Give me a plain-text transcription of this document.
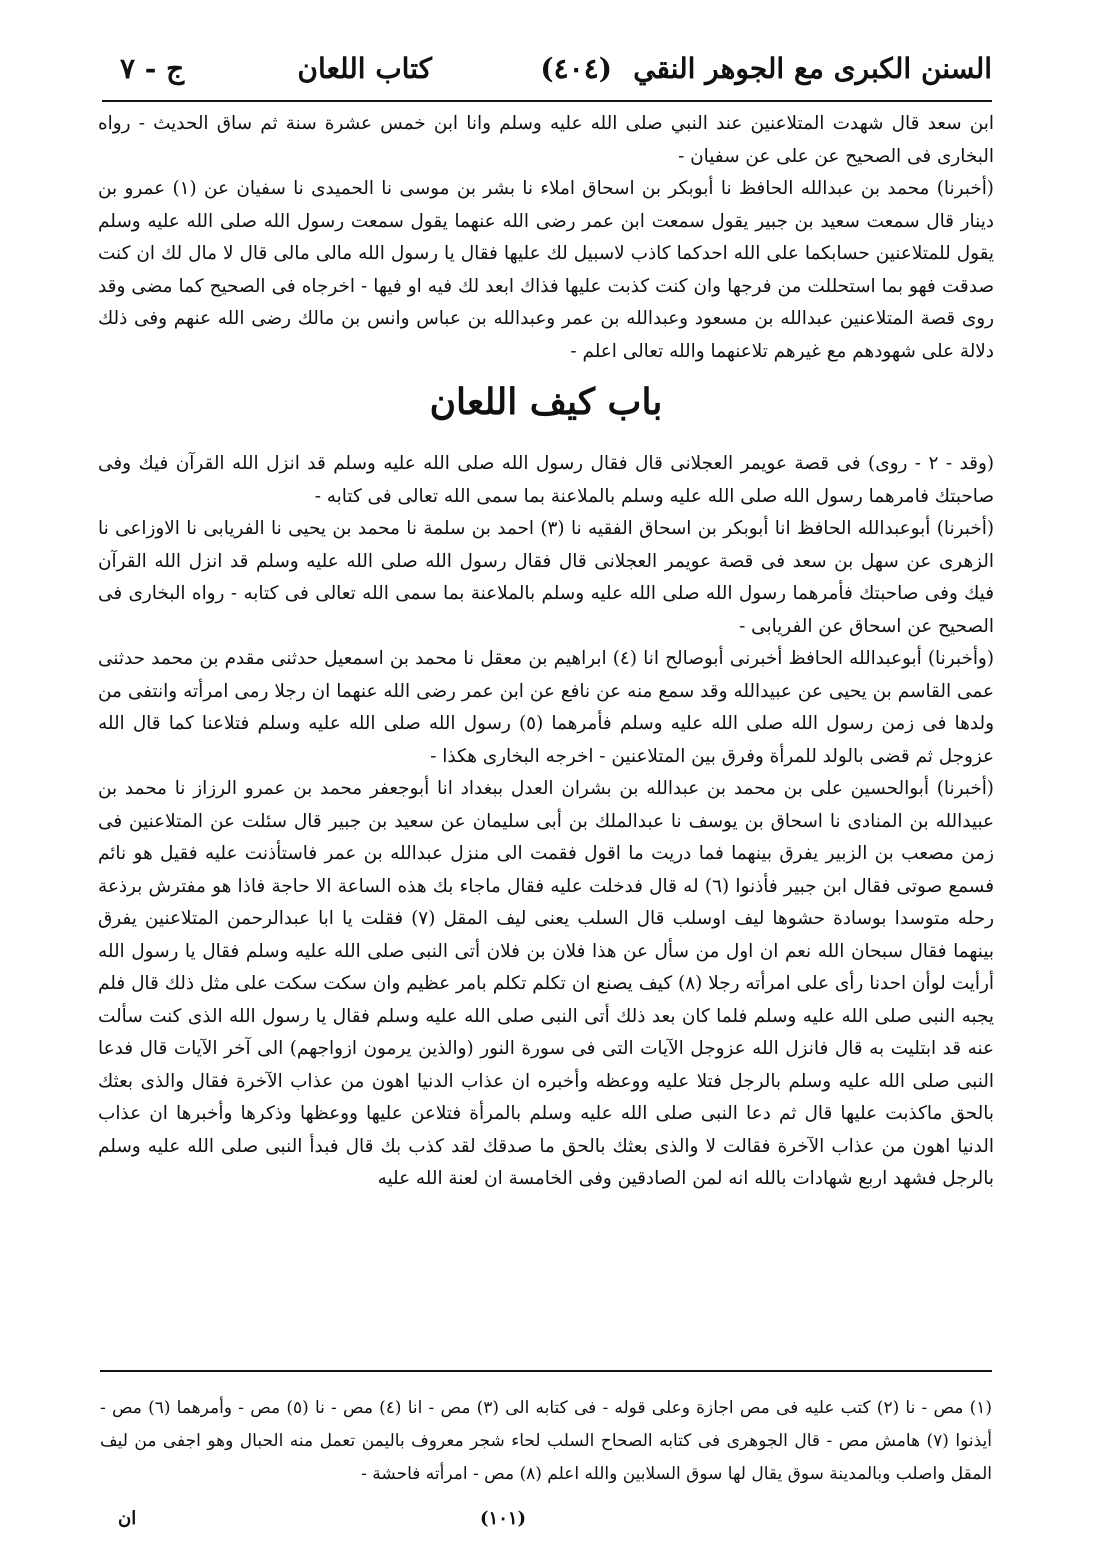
السنن الكبرى مع الجوهر النقي
(٤٠٤)
كتاب اللعان
ج - ٧

ابن سعد قال شهدت المتلاعنين عند النبي صلى الله عليه وسلم وانا ابن خمس عشرة سنة ثم ساق الحديث - رواه البخارى فى الصحيح عن على عن سفيان -

(أخبرنا) محمد بن عبدالله الحافظ نا أبوبكر بن اسحاق املاء نا بشر بن موسى نا الحميدى نا سفيان عن (١) عمرو بن دينار قال سمعت سعيد بن جبير يقول سمعت ابن عمر رضى الله عنهما يقول سمعت رسول الله صلى الله عليه وسلم يقول للمتلاعنين حسابكما على الله احدكما كاذب لاسبيل لك عليها فقال يا رسول الله مالى مالى قال لا مال لك ان كنت صدقت فهو بما استحللت من فرجها وان كنت كذبت عليها فذاك ابعد لك فيه او فيها - اخرجاه فى الصحيح كما مضى وقد روى قصة المتلاعنين عبدالله بن مسعود وعبدالله بن عمر وعبدالله بن عباس وانس بن مالك رضى الله عنهم وفى ذلك دلالة على شهودهم مع غيرهم تلاعنهما والله تعالى اعلم -

باب كيف اللعان

(وقد - ٢ - روى) فى قصة عويمر العجلانى قال فقال رسول الله صلى الله عليه وسلم قد انزل الله القرآن فيك وفى صاحبتك فامرهما رسول الله صلى الله عليه وسلم بالملاعنة بما سمى الله تعالى فى كتابه -

(أخبرنا) أبوعبدالله الحافظ انا أبوبكر بن اسحاق الفقيه نا (٣) احمد بن سلمة نا محمد بن يحيى نا الفريابى نا الاوزاعى نا الزهرى عن سهل بن سعد فى قصة عويمر العجلانى قال فقال رسول الله صلى الله عليه وسلم قد انزل الله القرآن فيك وفى صاحبتك فأمرهما رسول الله صلى الله عليه وسلم بالملاعنة بما سمى الله تعالى فى كتابه - رواه البخارى فى الصحيح عن اسحاق عن الفريابى -

(وأخبرنا) أبوعبدالله الحافظ أخبرنى أبوصالح انا (٤) ابراهيم بن معقل نا محمد بن اسمعيل حدثنى مقدم بن محمد حدثنى عمى القاسم بن يحيى عن عبيدالله وقد سمع منه عن نافع عن ابن عمر رضى الله عنهما ان رجلا رمى امرأته وانتفى من ولدها فى زمن رسول الله صلى الله عليه وسلم فأمرهما (٥) رسول الله صلى الله عليه وسلم فتلاعنا كما قال الله عزوجل ثم قضى بالولد للمرأة وفرق بين المتلاعنين - اخرجه البخارى هكذا -

(أخبرنا) أبوالحسين على بن محمد بن عبدالله بن بشران العدل ببغداد انا أبوجعفر محمد بن عمرو الرزاز نا محمد بن عبيدالله بن المنادى نا اسحاق بن يوسف نا عبدالملك بن أبى سليمان عن سعيد بن جبير قال سئلت عن المتلاعنين فى زمن مصعب بن الزبير يفرق بينهما فما دريت ما اقول فقمت الى منزل عبدالله بن عمر فاستأذنت عليه فقيل هو نائم فسمع صوتى فقال ابن جبير فأذنوا (٦) له قال فدخلت عليه فقال ماجاء بك هذه الساعة الا حاجة فاذا هو مفترش برذعة رحله متوسدا بوسادة حشوها ليف اوسلب قال السلب يعنى ليف المقل (٧) فقلت يا ابا عبدالرحمن المتلاعنين يفرق بينهما فقال سبحان الله نعم ان اول من سأل عن هذا فلان بن فلان أتى النبى صلى الله عليه وسلم فقال يا رسول الله أرأيت لوأن احدنا رأى على امرأته رجلا (٨) كيف يصنع ان تكلم تكلم بامر عظيم وان سكت سكت على مثل ذلك قال فلم يجبه النبى صلى الله عليه وسلم فلما كان بعد ذلك أتى النبى صلى الله عليه وسلم فقال يا رسول الله الذى كنت سألت عنه قد ابتليت به قال فانزل الله عزوجل الآيات التى فى سورة النور (والذين يرمون ازواجهم) الى آخر الآيات قال فدعا النبى صلى الله عليه وسلم بالرجل فتلا عليه ووعظه وأخبره ان عذاب الدنيا اهون من عذاب الآخرة فقال والذى بعثك بالحق ماكذبت عليها قال ثم دعا النبى صلى الله عليه وسلم بالمرأة فتلاعن عليها ووعظها وذكرها وأخبرها ان عذاب الدنيا اهون من عذاب الآخرة فقالت لا والذى بعثك بالحق ما صدقك لقد كذب بك قال فبدأ النبى صلى الله عليه وسلم بالرجل فشهد اربع شهادات بالله انه لمن الصادقين وفى الخامسة ان لعنة الله عليه

(١) مص - نا (٢) كتب عليه فى مص اجازة وعلى قوله - فى كتابه الى (٣) مص - انا (٤) مص - نا (٥) مص - وأمرهما (٦) مص - أيذنوا (٧) هامش مص - قال الجوهرى فى كتابه الصحاح السلب لحاء شجر معروف باليمن تعمل منه الحبال وهو اجفى من ليف المقل واصلب وبالمدينة سوق يقال لها سوق السلابين والله اعلم (٨) مص - امرأته فاحشة -

ان	(١٠١)
